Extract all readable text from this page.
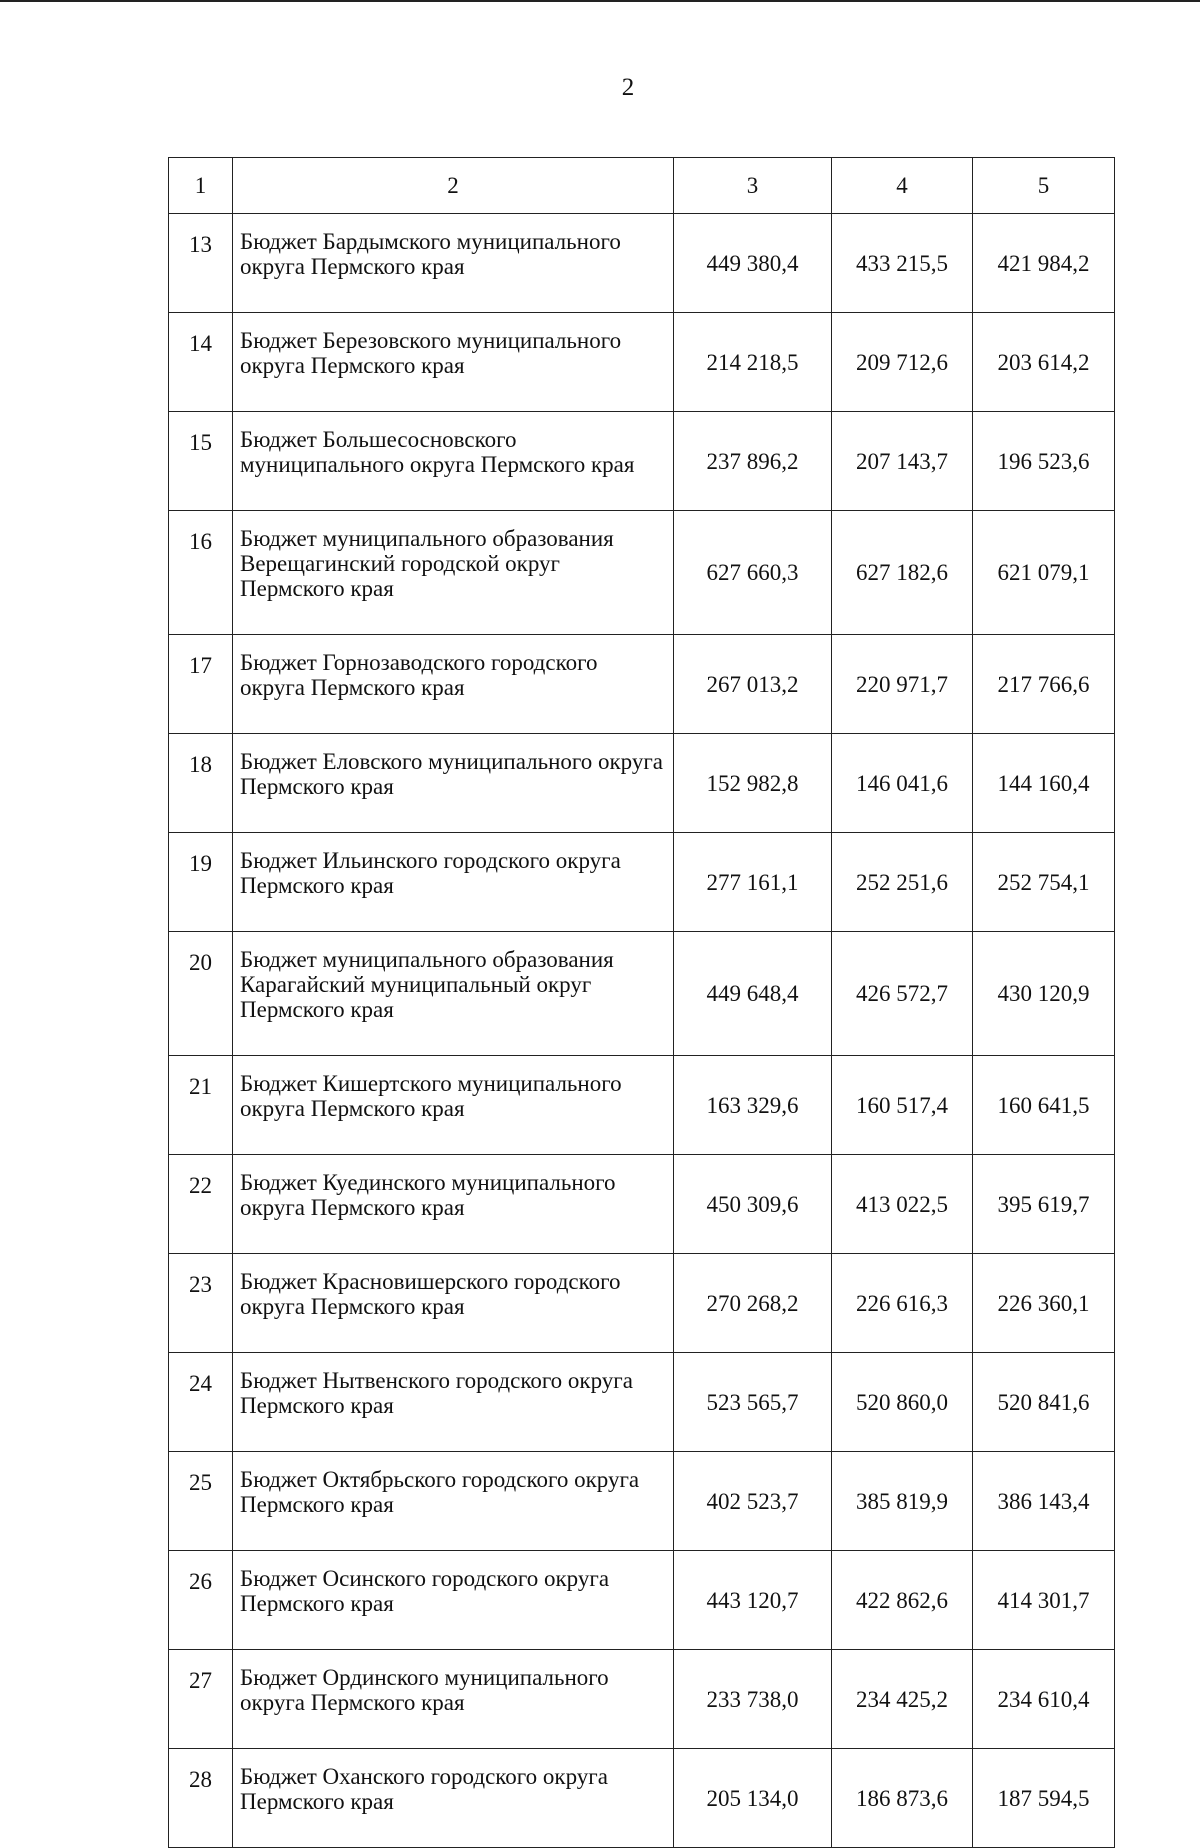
2
1	2	3	4	5
13	Бюджет Бардымского муниципального округа Пермского края	449 380,4	433 215,5	421 984,2
14	Бюджет Березовского муниципального округа Пермского края	214 218,5	209 712,6	203 614,2
15	Бюджет Большесосновского муниципального округа Пермского края	237 896,2	207 143,7	196 523,6
16	Бюджет муниципального образования Верещагинский городской округ Пермского края	627 660,3	627 182,6	621 079,1
17	Бюджет Горнозаводского городского округа Пермского края	267 013,2	220 971,7	217 766,6
18	Бюджет Еловского муниципального округа Пермского края	152 982,8	146 041,6	144 160,4
19	Бюджет Ильинского городского округа Пермского края	277 161,1	252 251,6	252 754,1
20	Бюджет муниципального образования Карагайский муниципальный округ Пермского края	449 648,4	426 572,7	430 120,9
21	Бюджет Кишертского муниципального округа Пермского края	163 329,6	160 517,4	160 641,5
22	Бюджет Куединского муниципального округа Пермского края	450 309,6	413 022,5	395 619,7
23	Бюджет Красновишерского городского округа Пермского края	270 268,2	226 616,3	226 360,1
24	Бюджет Нытвенского городского округа Пермского края	523 565,7	520 860,0	520 841,6
25	Бюджет Октябрьского городского округа Пермского края	402 523,7	385 819,9	386 143,4
26	Бюджет Осинского городского округа Пермского края	443 120,7	422 862,6	414 301,7
27	Бюджет Ординского муниципального округа Пермского края	233 738,0	234 425,2	234 610,4
28	Бюджет Оханского городского округа Пермского края	205 134,0	186 873,6	187 594,5
